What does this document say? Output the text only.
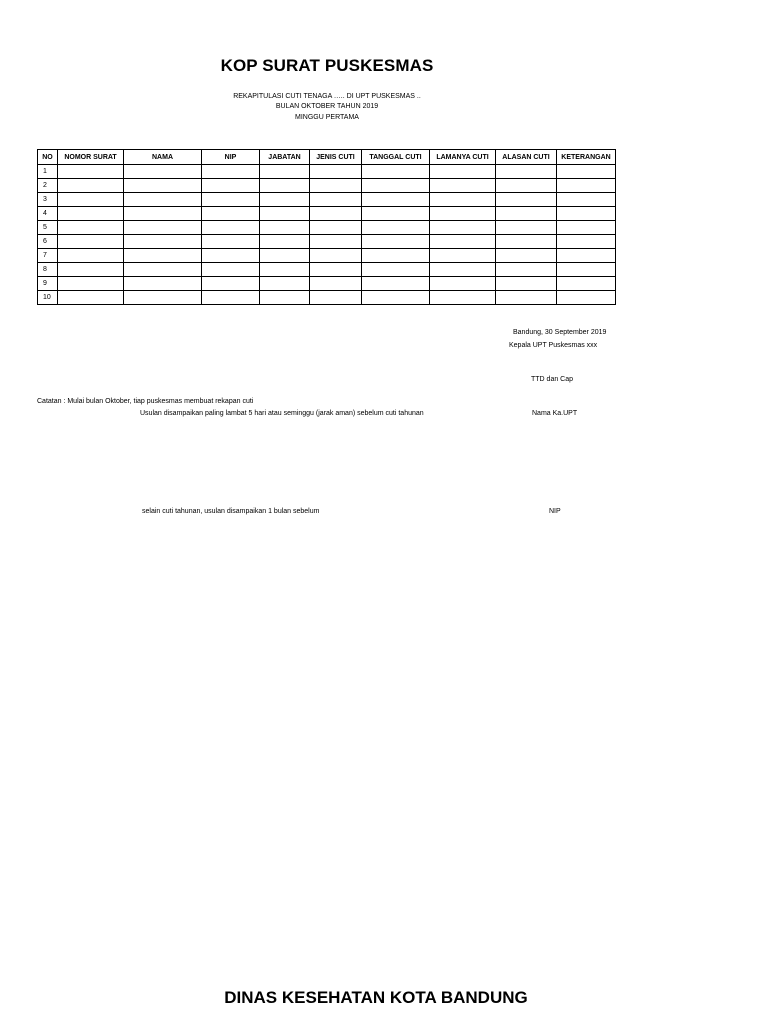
KOP SURAT PUSKESMAS
REKAPITULASI CUTI TENAGA ….. DI UPT PUSKESMAS ..
BULAN OKTOBER TAHUN 2019
MINGGU PERTAMA
NO	NOMOR SURAT	NAMA	NIP	JABATAN	JENIS CUTI	TANGGAL CUTI	LAMANYA CUTI	ALASAN CUTI	KETERANGAN
1									
2									
3									
4									
5									
6									
7									
8									
9									
10									
Bandung, 30 September 2019
Kepala UPT Puskesmas xxx
TTD dan Cap
Catatan : Mulai bulan Oktober, tiap puskesmas membuat rekapan cuti
Usulan disampaikan paling lambat 5 hari atau seminggu (jarak aman) sebelum cuti tahunan	Nama Ka.UPT
selain cuti tahunan, usulan disampaikan 1 bulan sebelum	NIP
DINAS KESEHATAN KOTA BANDUNG
